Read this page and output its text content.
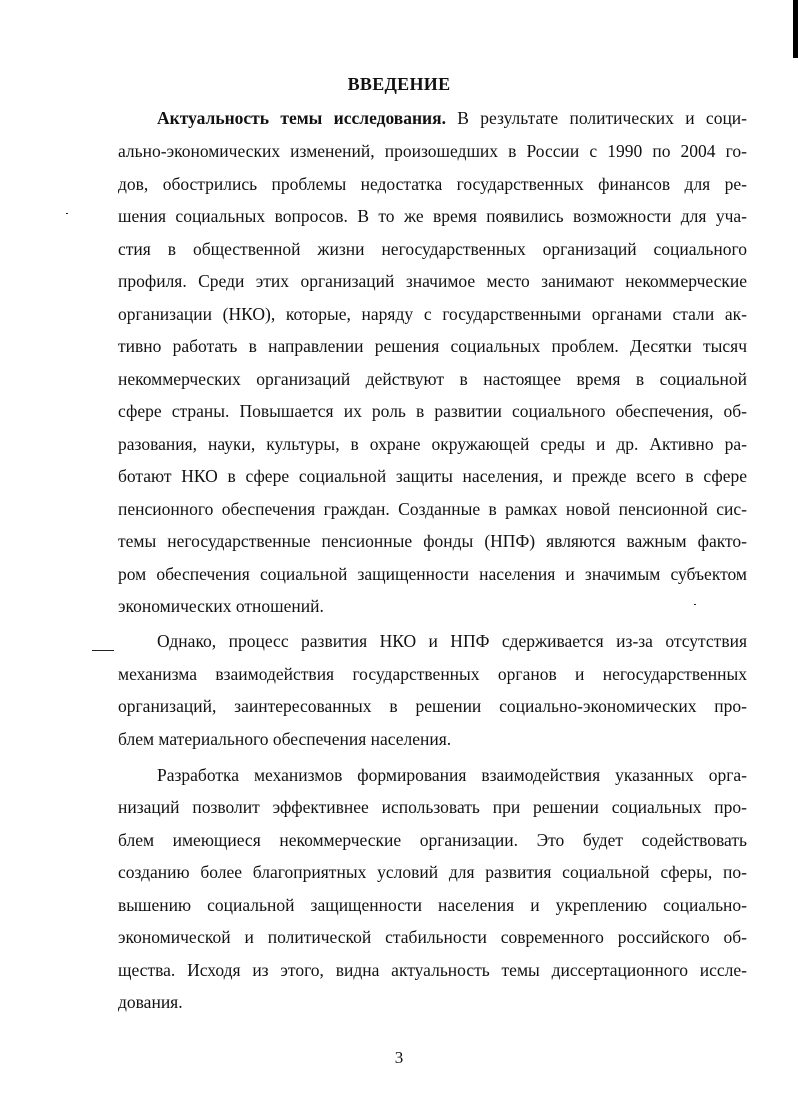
ВВЕДЕНИЕ
Актуальность темы исследования. В результате политических и соци-
ально-экономических изменений, произошедших в России с 1990 по 2004 го-
дов, обострились проблемы недостатка государственных финансов для ре-
шения социальных вопросов. В то же время появились возможности для уча-
стия в общественной жизни негосударственных организаций социального
профиля. Среди этих организаций значимое место занимают некоммерческие
организации (НКО), которые, наряду с государственными органами стали ак-
тивно работать в направлении решения социальных проблем. Десятки тысяч
некоммерческих организаций действуют в настоящее время в социальной
сфере страны. Повышается их роль в развитии социального обеспечения, об-
разования, науки, культуры, в охране окружающей среды и др. Активно ра-
ботают НКО в сфере социальной защиты населения, и прежде всего в сфере
пенсионного обеспечения граждан. Созданные в рамках новой пенсионной сис-
темы негосударственные пенсионные фонды (НПФ) являются важным факто-
ром обеспечения социальной защищенности населения и значимым субъектом
экономических отношений.
Однако, процесс развития НКО и НПФ сдерживается из-за отсутствия
механизма взаимодействия государственных органов и негосударственных
организаций, заинтересованных в решении социально-экономических про-
блем материального обеспечения населения.
Разработка механизмов формирования взаимодействия указанных орга-
низаций позволит эффективнее использовать при решении социальных про-
блем имеющиеся некоммерческие организации. Это будет содействовать
созданию более благоприятных условий для развития социальной сферы, по-
вышению социальной защищенности населения и укреплению социально-
экономической и политической стабильности современного российского об-
щества. Исходя из этого, видна актуальность темы диссертационного иссле-
дования.
3
